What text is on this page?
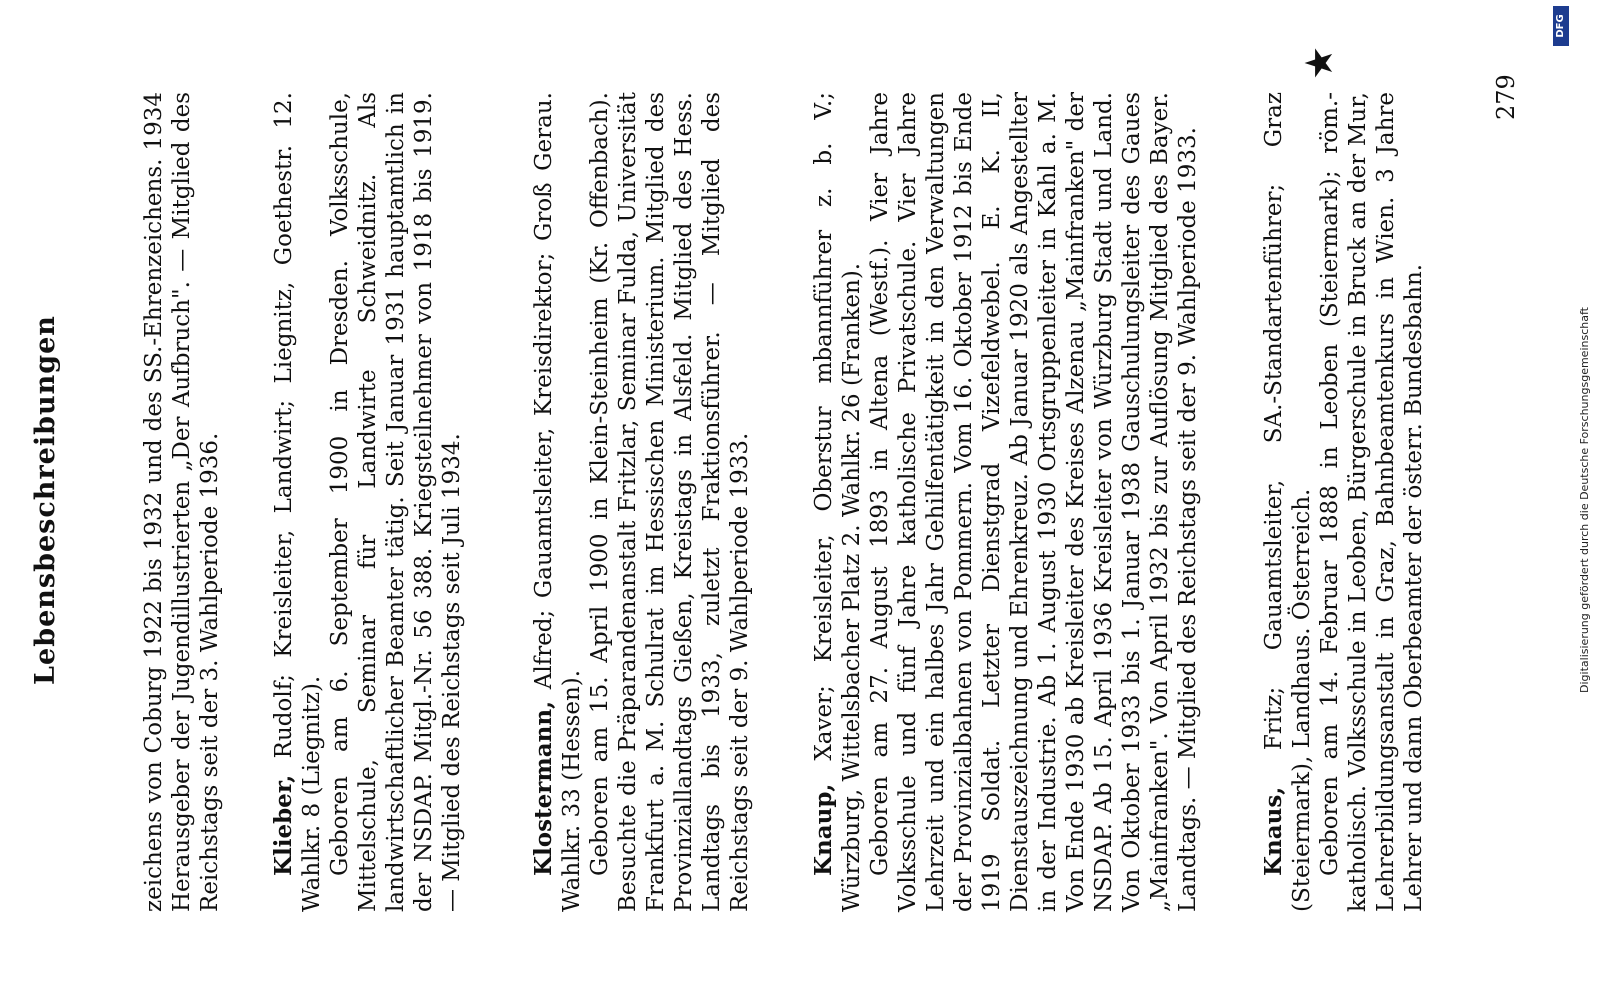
Lebensbeschreibungen	zeichens von Coburg 1922 bis 1932 und des SS.-Ehrenzeichens. 1934 Herausgeber der Jugendillustrierten „Der Aufbruch". — Mitglied des Reichstags seit der 3. Wahlperiode 1936. Klieber, Rudolf; Kreisleiter, Landwirt; Liegnitz, Goethestr. 12. Wahlkr. 8 (Liegnitz). Geboren am 6. September 1900 in Dresden. Volksschule, Mittelschule, Seminar für Landwirte Schweidnitz. Als landwirtschaftlicher Beamter tätig. Seit Januar 1931 hauptamtlich in der NSDAP. Mitgl.-Nr. 56 388. Kriegsteilnehmer von 1918 bis 1919. — Mitglied des Reichstags seit Juli 1934.	Klostermann, Alfred; Gauamtsleiter, Kreisdirektor; Groß Gerau. Wahlkr. 33 (Hessen). Geboren am 15. April 1900 in Klein-Steinheim (Kr. Offenbach). Besuchte die Präparandenanstalt Fritzlar, Seminar Fulda, Universität Frankfurt a. M. Schulrat im Hessischen Ministerium. Mitglied des Provinziallandtags Gießen, Kreistags in Alsfeld. Mitglied des Hess. Landtags bis 1933, zuletzt Fraktionsführer. — Mitglied des Reichstags seit der 9. Wahlperiode 1933. Knaup, Xaver; Kreisleiter, Oberstur mbannführer z. b. V.; Würzburg, Wittelsbacher Platz 2. Wahlkr. 26 (Franken). Geboren am 27. August 1893 in Altena (Westf.). Vier Jahre Volksschule und fünf Jahre katholische Privatschule. Vier Jahre Lehrzeit und ein halbes Jahr Gehilfentätigkeit in den Verwaltungen der Provinzialbahnen von Pommern. Vom 16. Oktober 1912 bis Ende 1919 Soldat. Letzter Dienstgrad Vizefeldwebel. E. K. II, Dienstauszeichnung und Ehrenkreuz. Ab Januar 1920 als Angestellter in der Industrie. Ab 1. August 1930 Ortsgruppenleiter in Kahl a. M. Von Ende 1930 ab Kreisleiter des Kreises Alzenau „Mainfranken" der NSDAP. Ab 15. April 1936 Kreisleiter von Würzburg Stadt und Land. Von Oktober 1933 bis 1. Januar 1938 Gauschulungsleiter des Gaues „Mainfranken". Von April 1932 bis zur Auflösung Mitglied des Bayer. Landtags. — Mitglied des Reichstags seit der 9. Wahlperiode 1933.

★

Knaus, Fritz; Gauamtsleiter, SA.-Standartenführer; Graz (Steiermark), Landhaus. Österreich. Geboren am 14. Februar 1888 in Leoben (Steiermark); röm.-katholisch. Volksschule in Leoben, Bürgerschule in Bruck an der Mur, Lehrerbildungsanstalt in Graz, Bahnbeamtenkurs in Wien. 3 Jahre Lehrer und dann Oberbeamter der österr. Bundesbahn.

279
Digitalisierung gefördert durch die Deutsche Forschungsgemeinschaft
DFG
